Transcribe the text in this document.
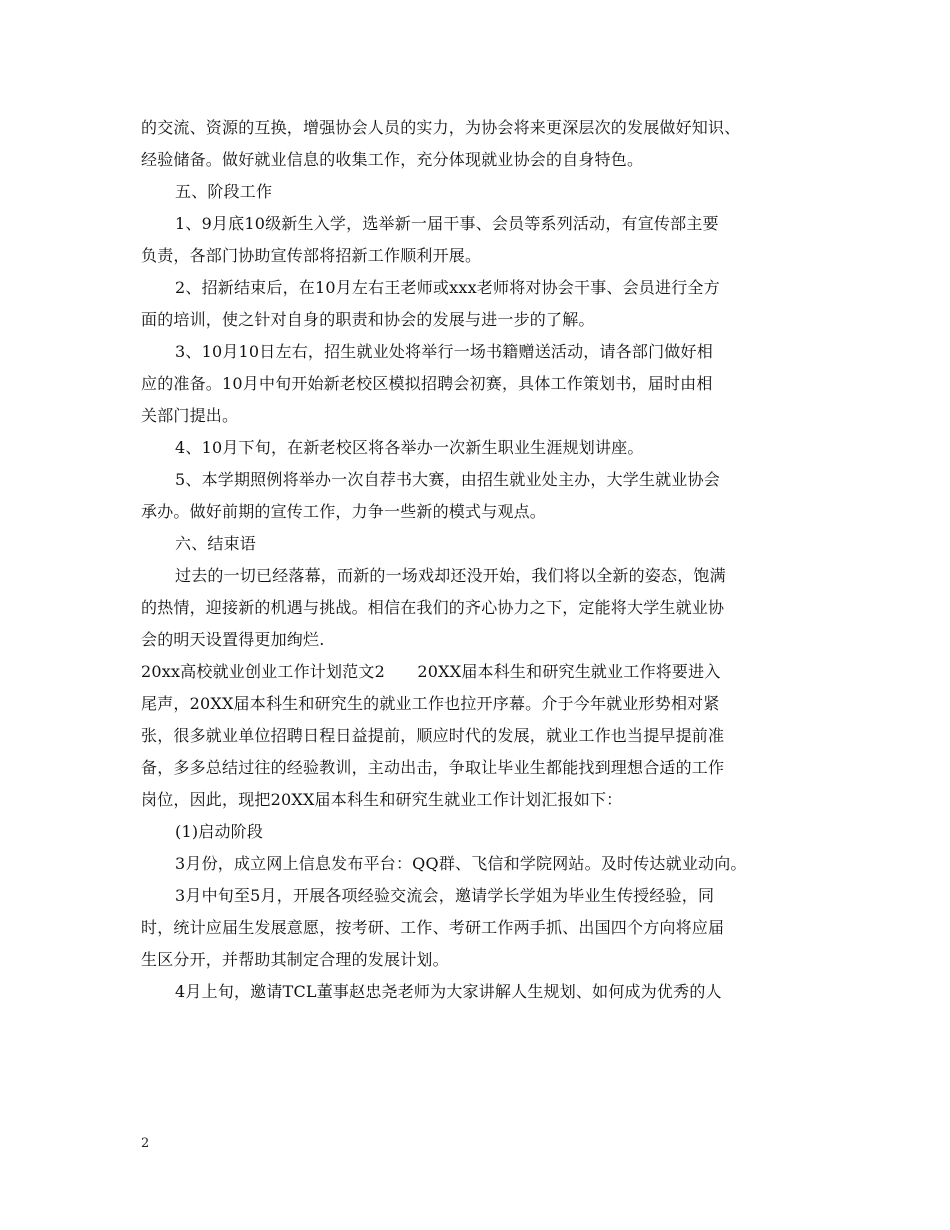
的交流、资源的互换，增强协会人员的实力，为协会将来更深层次的发展做好知识、
经验储备。做好就业信息的收集工作，充分体现就业协会的自身特色。
五、阶段工作
1、9月底10级新生入学，选举新一届干事、会员等系列活动，有宣传部主要
负责，各部门协助宣传部将招新工作顺利开展。
2、招新结束后，在10月左右王老师或xxx老师将对协会干事、会员进行全方
面的培训，使之针对自身的职责和协会的发展与进一步的了解。
3、10月10日左右，招生就业处将举行一场书籍赠送活动，请各部门做好相
应的准备。10月中旬开始新老校区模拟招聘会初赛，具体工作策划书，届时由相
关部门提出。
4、10月下旬，在新老校区将各举办一次新生职业生涯规划讲座。
5、本学期照例将举办一次自荐书大赛，由招生就业处主办，大学生就业协会
承办。做好前期的宣传工作，力争一些新的模式与观点。
六、结束语
过去的一切已经落幕，而新的一场戏却还没开始，我们将以全新的姿态，饱满
的热情，迎接新的机遇与挑战。相信在我们的齐心协力之下，定能将大学生就业协
会的明天设置得更加绚烂.
20xx高校就业创业工作计划范文2　　20XX届本科生和研究生就业工作将要进入
尾声，20XX届本科生和研究生的就业工作也拉开序幕。介于今年就业形势相对紧
张，很多就业单位招聘日程日益提前，顺应时代的发展，就业工作也当提早提前准
备，多多总结过往的经验教训，主动出击，争取让毕业生都能找到理想合适的工作
岗位，因此，现把20XX届本科生和研究生就业工作计划汇报如下：
(1)启动阶段
3月份，成立网上信息发布平台：QQ群、飞信和学院网站。及时传达就业动向。
3月中旬至5月，开展各项经验交流会，邀请学长学姐为毕业生传授经验，同
时，统计应届生发展意愿，按考研、工作、考研工作两手抓、出国四个方向将应届
生区分开，并帮助其制定合理的发展计划。
4月上旬，邀请TCL董事赵忠尧老师为大家讲解人生规划、如何成为优秀的人
2
